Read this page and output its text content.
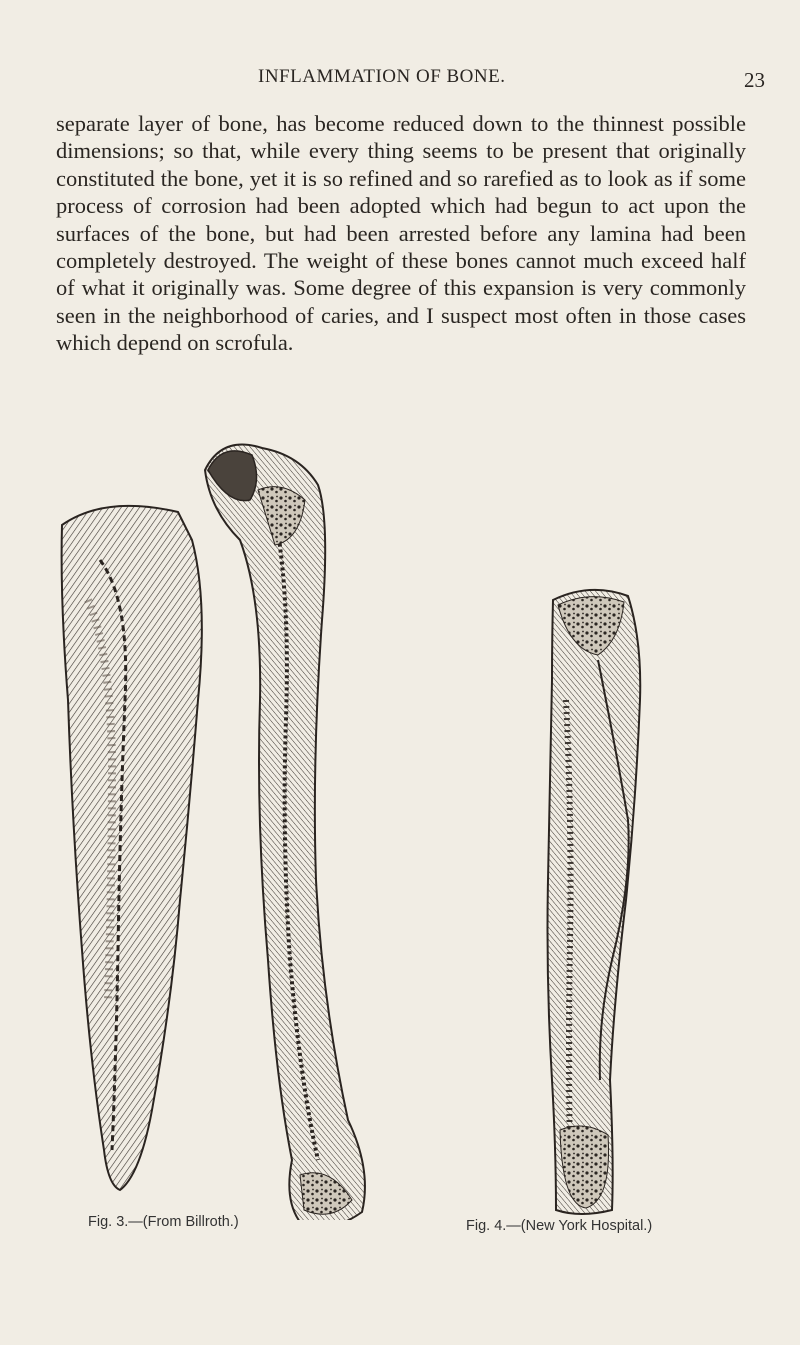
INFLAMMATION OF BONE.	23
separate layer of bone, has become reduced down to the thinnest possible dimensions; so that, while every thing seems to be present that originally constituted the bone, yet it is so refined and so rarefied as to look as if some process of corrosion had been adopted which had begun to act upon the surfaces of the bone, but had been arrested before any lamina had been completely destroyed. The weight of these bones cannot much exceed half of what it originally was. Some degree of this expansion is very commonly seen in the neighborhood of caries, and I suspect most often in those cases which depend on scrofula.
Fig. 3.—(From Billroth.)	Fig. 4.—(New York Hospital.)
